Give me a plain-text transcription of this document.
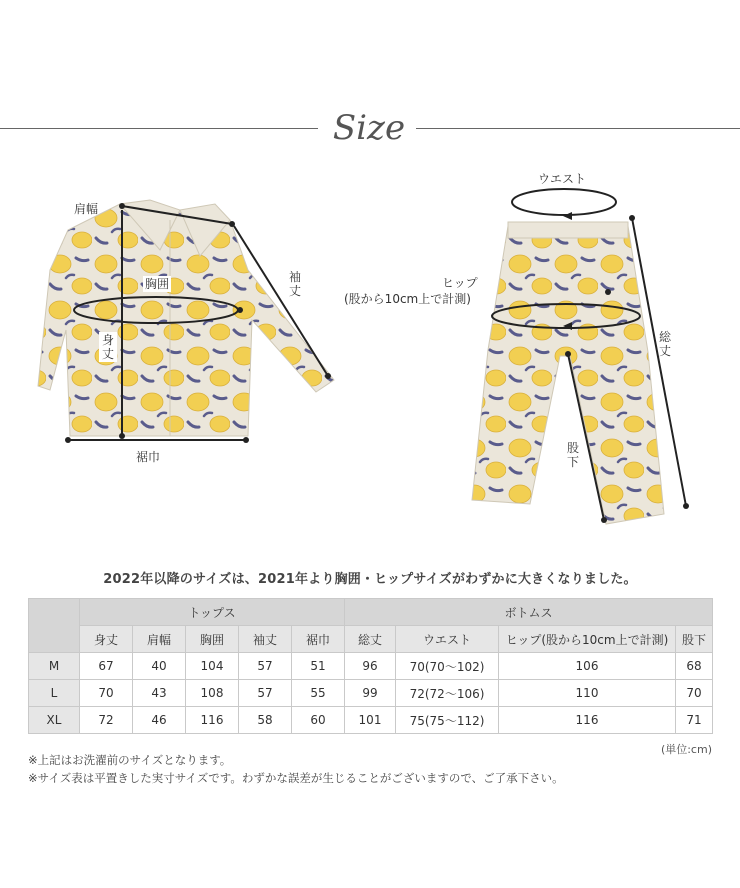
Size
肩幅
袖
丈
胸囲
身
丈
裾巾
ウエスト
ヒップ
(股から10cm上で計測)
総
丈
股
下
2022年以降のサイズは、2021年より胸囲・ヒップサイズがわずかに大きくなりました。
	トップス					ボトムス			
	身丈	肩幅	胸囲	袖丈	裾巾	総丈	ウエスト	ヒップ(股から10cm上で計測)	股下
M	67	40	104	57	51	96	70(70〜102)	106	68
L	70	43	108	57	55	99	72(72〜106)	110	70
XL	72	46	116	58	60	101	75(75〜112)	116	71
(単位:cm)
※上記はお洗濯前のサイズとなります。
※サイズ表は平置きした実寸サイズです。わずかな誤差が生じることがございますので、ご了承下さい。
